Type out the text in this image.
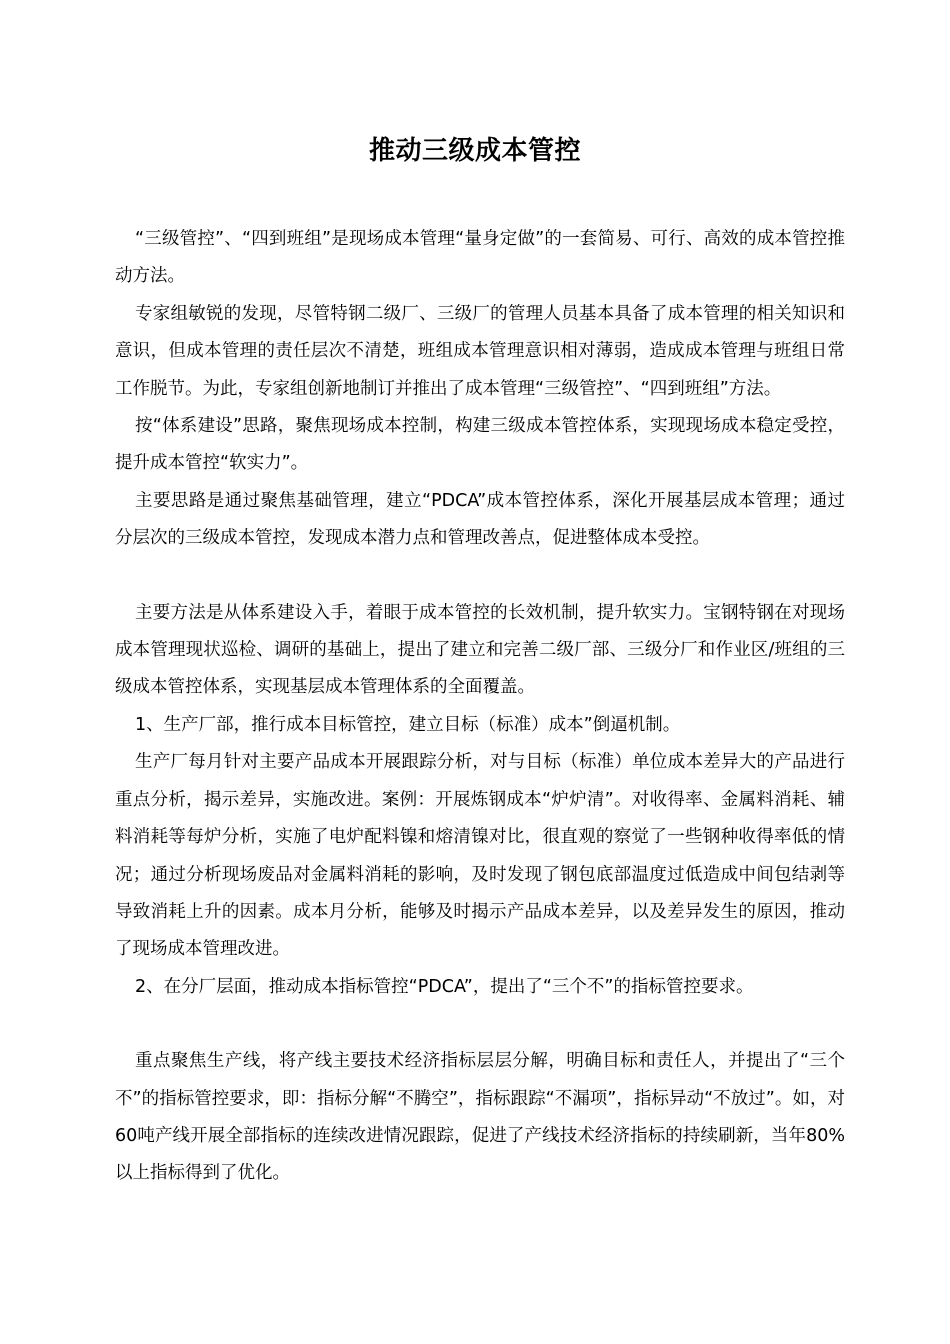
推动三级成本管控

“三级管控”、“四到班组”是现场成本管理“量身定做”的一套简易、可行、高效的成本管控推动方法。

专家组敏锐的发现，尽管特钢二级厂、三级厂的管理人员基本具备了成本管理的相关知识和意识，但成本管理的责任层次不清楚，班组成本管理意识相对薄弱，造成成本管理与班组日常工作脱节。为此，专家组创新地制订并推出了成本管理“三级管控”、“四到班组”方法。

按“体系建设”思路，聚焦现场成本控制，构建三级成本管控体系，实现现场成本稳定受控，提升成本管控“软实力”。

主要思路是通过聚焦基础管理，建立“PDCA”成本管控体系，深化开展基层成本管理；通过分层次的三级成本管控，发现成本潜力点和管理改善点，促进整体成本受控。

主要方法是从体系建设入手，着眼于成本管控的长效机制，提升软实力。宝钢特钢在对现场成本管理现状巡检、调研的基础上，提出了建立和完善二级厂部、三级分厂和作业区/班组的三级成本管控体系，实现基层成本管理体系的全面覆盖。

1、生产厂部，推行成本目标管控，建立目标（标准）成本”倒逼机制。

生产厂每月针对主要产品成本开展跟踪分析，对与目标（标准）单位成本差异大的产品进行重点分析，揭示差异，实施改进。案例：开展炼钢成本“炉炉清”。对收得率、金属料消耗、辅料消耗等每炉分析，实施了电炉配料镍和熔清镍对比，很直观的察觉了一些钢种收得率低的情况；通过分析现场废品对金属料消耗的影响，及时发现了钢包底部温度过低造成中间包结剥等导致消耗上升的因素。成本月分析，能够及时揭示产品成本差异，以及差异发生的原因，推动了现场成本管理改进。

2、在分厂层面，推动成本指标管控“PDCA”，提出了“三个不”的指标管控要求。

重点聚焦生产线，将产线主要技术经济指标层层分解，明确目标和责任人，并提出了“三个不”的指标管控要求，即：指标分解“不腾空”，指标跟踪“不漏项”，指标异动“不放过”。如，对60吨产线开展全部指标的连续改进情况跟踪，促进了产线技术经济指标的持续刷新，当年80%以上指标得到了优化。
